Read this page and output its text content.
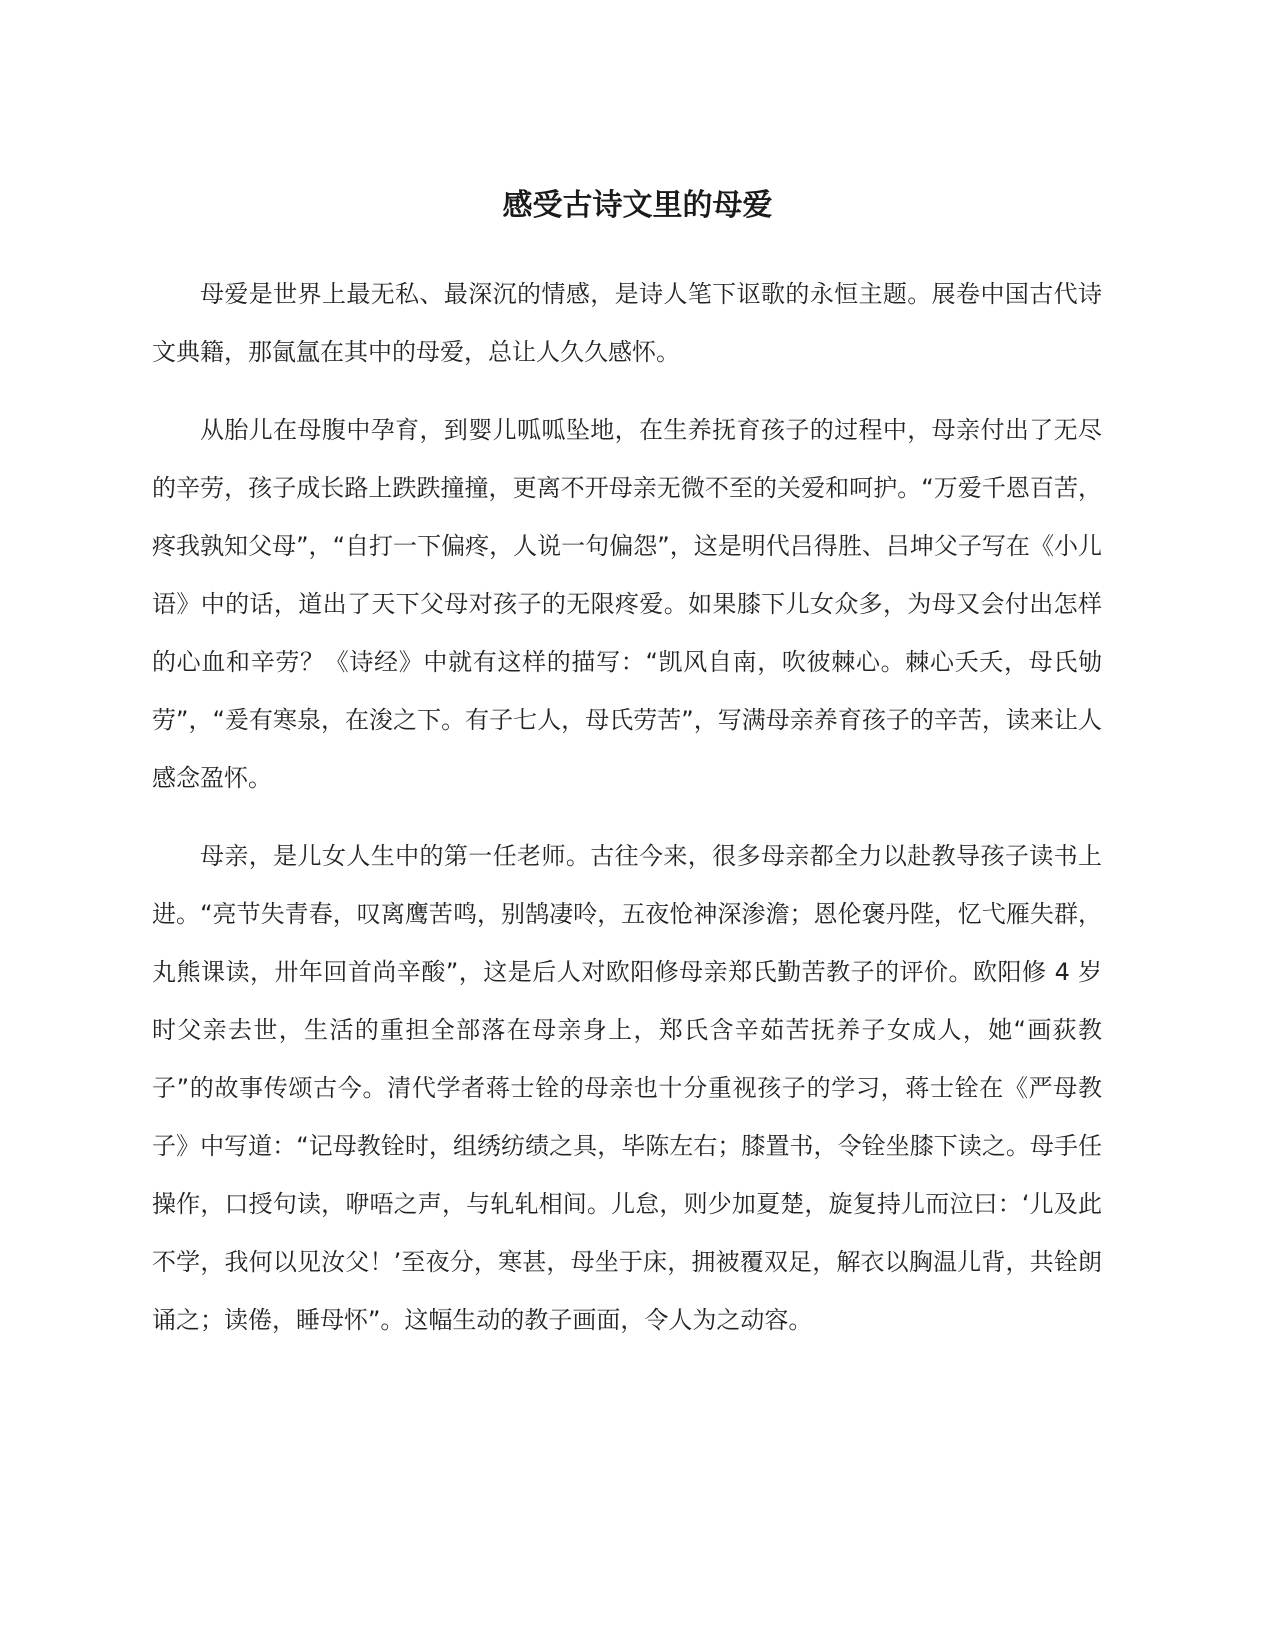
感受古诗文里的母爱

母爱是世界上最无私、最深沉的情感，是诗人笔下讴歌的永恒主题。展卷中国古代诗文典籍，那氤氲在其中的母爱，总让人久久感怀。

从胎儿在母腹中孕育，到婴儿呱呱坠地，在生养抚育孩子的过程中，母亲付出了无尽的辛劳，孩子成长路上跌跌撞撞，更离不开母亲无微不至的关爱和呵护。“万爱千恩百苦，疼我孰知父母”，“自打一下偏疼，人说一句偏怨”，这是明代吕得胜、吕坤父子写在《小儿语》中的话，道出了天下父母对孩子的无限疼爱。如果膝下儿女众多，为母又会付出怎样的心血和辛劳？《诗经》中就有这样的描写：“凯风自南，吹彼棘心。棘心夭夭，母氏劬劳”，“爰有寒泉，在浚之下。有子七人，母氏劳苦”，写满母亲养育孩子的辛苦，读来让人感念盈怀。

母亲，是儿女人生中的第一任老师。古往今来，很多母亲都全力以赴教导孩子读书上进。“亮节失青春，叹离鹰苦鸣，别鹄凄呤，五夜怆神深渗澹；恩伦褒丹陛，忆弋雁失群，丸熊课读，卅年回首尚辛酸”，这是后人对欧阳修母亲郑氏勤苦教子的评价。欧阳修 4 岁时父亲去世，生活的重担全部落在母亲身上，郑氏含辛茹苦抚养子女成人，她“画荻教子”的故事传颂古今。清代学者蒋士铨的母亲也十分重视孩子的学习，蒋士铨在《严母教子》中写道：“记母教铨时，组绣纺绩之具，毕陈左右；膝置书，令铨坐膝下读之。母手任操作，口授句读，咿唔之声，与轧轧相间。儿怠，则少加夏楚，旋复持儿而泣曰：‘儿及此不学，我何以见汝父！’至夜分，寒甚，母坐于床，拥被覆双足，解衣以胸温儿背，共铨朗诵之；读倦，睡母怀”。这幅生动的教子画面，令人为之动容。
